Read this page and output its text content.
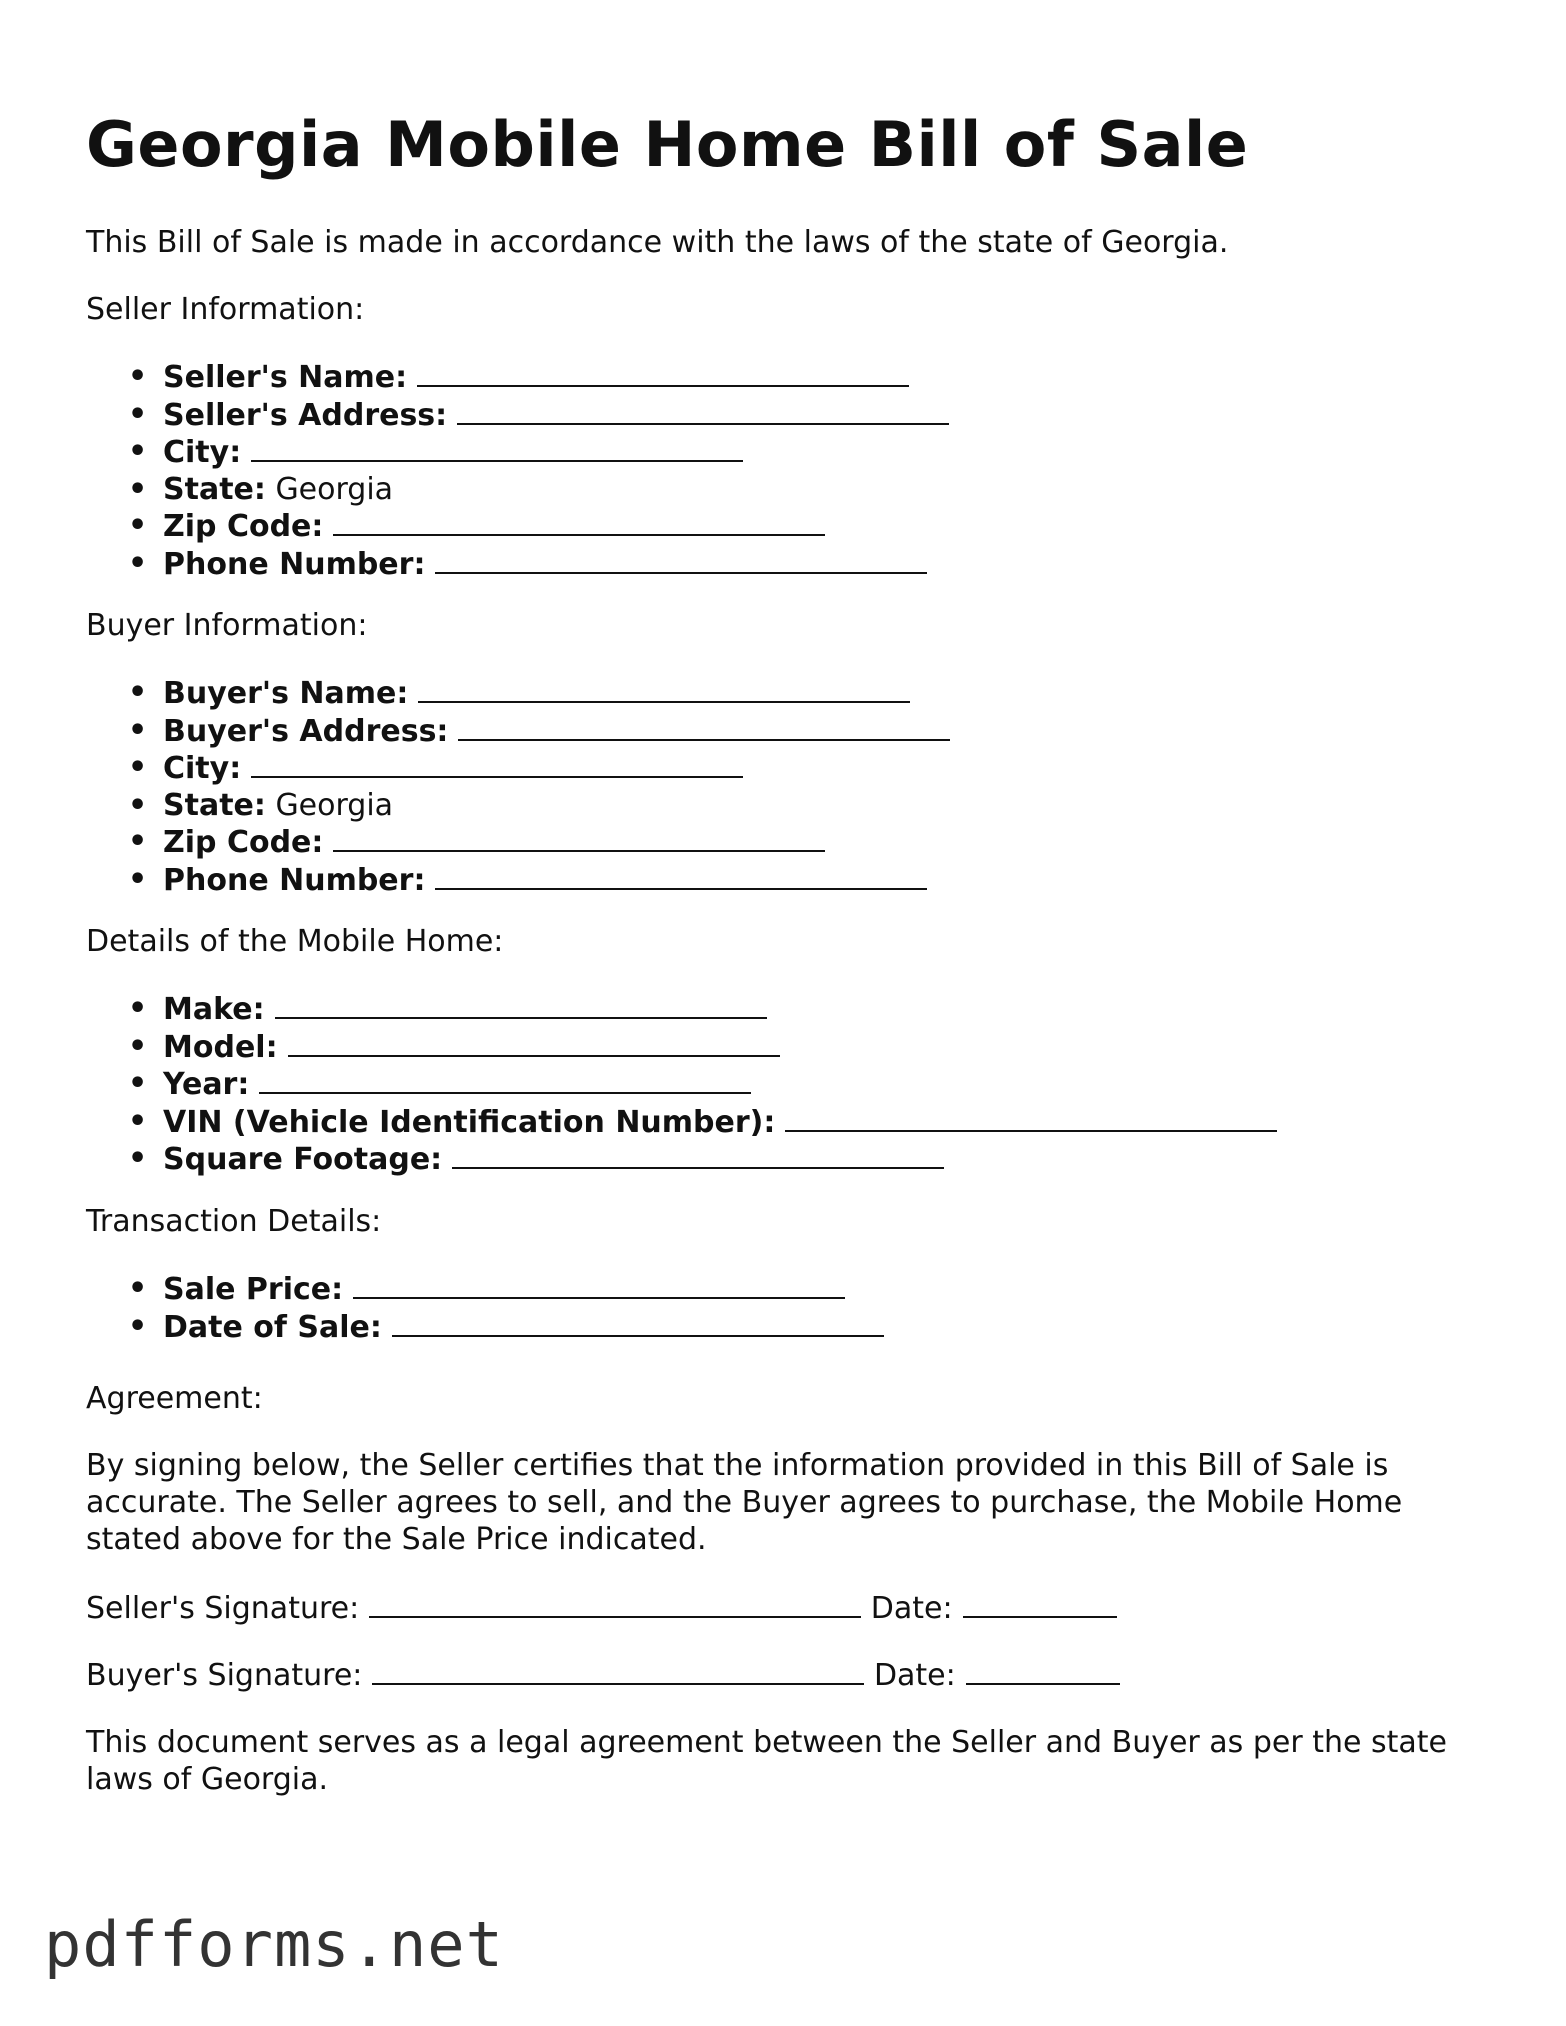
Georgia Mobile Home Bill of Sale

This Bill of Sale is made in accordance with the laws of the state of Georgia.

Seller Information:

• Seller's Name:
• Seller's Address:
• City:
• State: Georgia
• Zip Code:
• Phone Number:

Buyer Information:

• Buyer's Name:
• Buyer's Address:
• City:
• State: Georgia
• Zip Code:
• Phone Number:

Details of the Mobile Home:

• Make:
• Model:
• Year:
• VIN (Vehicle Identification Number):
• Square Footage:

Transaction Details:

• Sale Price:
• Date of Sale:

Agreement:

By signing below, the Seller certifies that the information provided in this Bill of Sale is accurate. The Seller agrees to sell, and the Buyer agrees to purchase, the Mobile Home stated above for the Sale Price indicated.

Seller's Signature:	Date:

Buyer's Signature:	Date:

This document serves as a legal agreement between the Seller and Buyer as per the state laws of Georgia.

pdfforms.net
